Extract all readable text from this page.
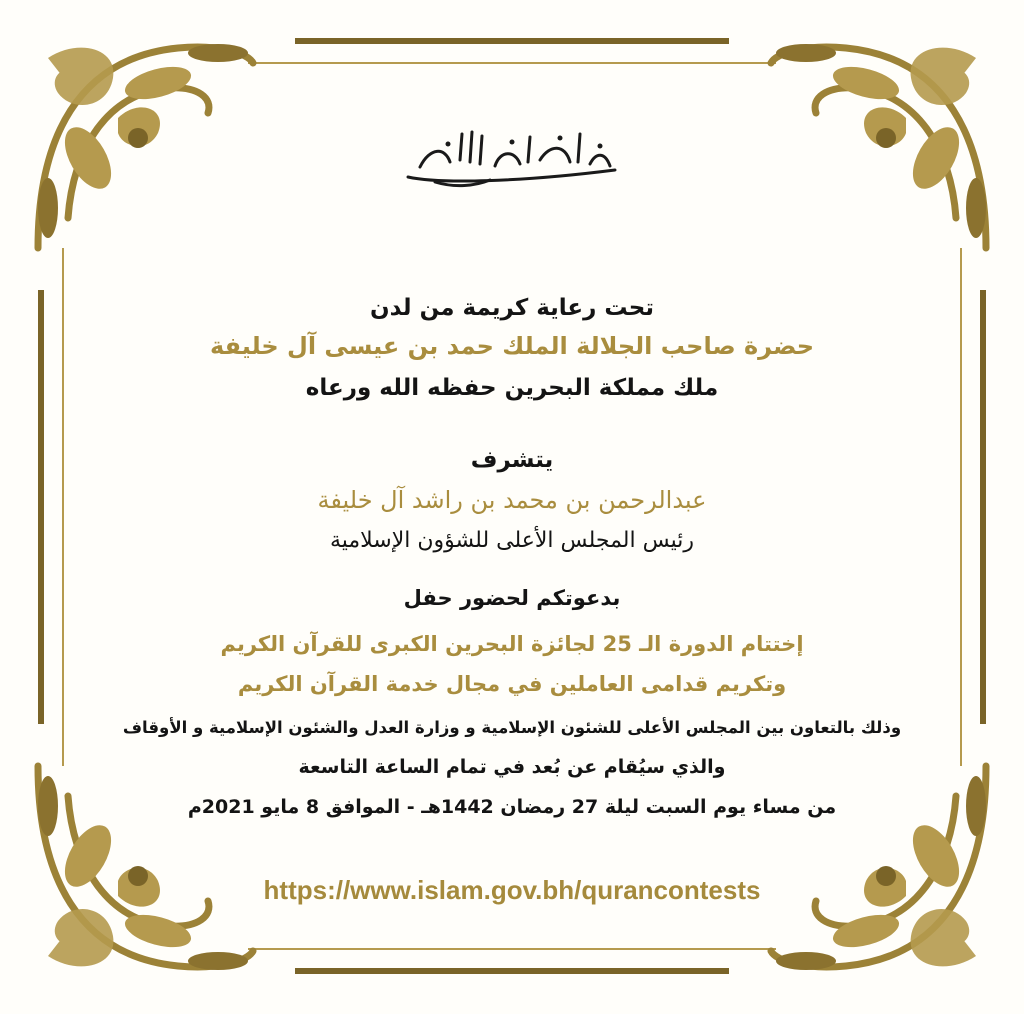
تحت رعاية كريمة من لدن
حضرة صاحب الجلالة الملك حمد بن عيسى آل خليفة
ملك مملكة البحرين حفظه الله ورعاه
يتشرف
عبدالرحمن بن محمد بن راشد آل خليفة
رئيس المجلس الأعلى للشؤون الإسلامية
بدعوتكم لحضور حفل
إختتام الدورة الـ 25 لجائزة البحرين الكبرى للقرآن الكريم
وتكريم قدامى العاملين في مجال خدمة القرآن الكريم
وذلك بالتعاون بين المجلس الأعلى للشئون الإسلامية و وزارة العدل والشئون الإسلامية و الأوقاف
والذي سيُقام عن بُعد في تمام الساعة التاسعة
من مساء يوم السبت ليلة 27 رمضان 1442هـ - الموافق 8 مايو 2021م
https://www.islam.gov.bh/qurancontests
